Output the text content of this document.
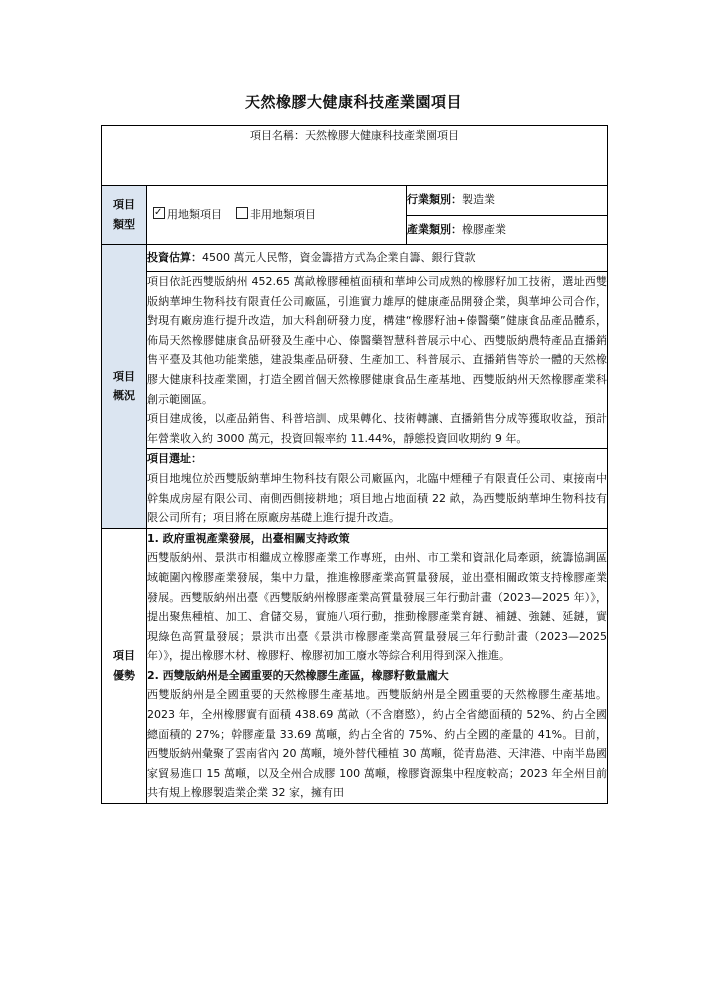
天然橡膠大健康科技產業園項目
項目名稱：天然橡膠大健康科技產業園項目		
項目類型	✓用地類項目 非用地類項目	行業類別：製造業
		產業類別：橡膠產業
項目概況	投資估算：4500 萬元人民幣，資金籌措方式為企業自籌、銀行貸款	

	項目依託西雙版納州 452.65 萬畝橡膠種植面積和華坤公司成熟的橡膠籽加工技術，選址西雙版納華坤生物科技有限責任公司廠區，引進實力雄厚的健康產品開發企業，與華坤公司合作，對現有廠房進行提升改造，加大科創研發力度，構建“橡膠籽油+傣醫藥”健康食品產品體系，佈局天然橡膠健康食品研發及生產中心、傣醫藥智慧科普展示中心、西雙版納農特產品直播銷售平臺及其他功能業態，建設集產品研發、生產加工、科普展示、直播銷售等於一體的天然橡膠大健康科技產業園，打造全國首個天然橡膠健康食品生產基地、西雙版納州天然橡膠產業科創示範園區。

項目建成後，以產品銷售、科普培訓、成果轉化、技術轉讓、直播銷售分成等獲取收益，預計年營業收入約 3000 萬元，投資回報率約 11.44%，靜態投資回收期約 9 年。	

	項目選址：

項目地塊位於西雙版納華坤生物科技有限公司廠區內，北臨中煙種子有限責任公司、東接南中幹集成房屋有限公司、南側西側接耕地；項目地占地面積 22 畝，為西雙版納華坤生物科技有限公司所有；項目將在原廠房基礎上進行提升改造。	

項目優勢	1. 政府重視產業發展，出臺相關支持政策

西雙版納州、景洪市相繼成立橡膠產業工作專班，由州、市工業和資訊化局牽頭，統籌協調區域範圍內橡膠產業發展，集中力量，推進橡膠產業高質量發展，並出臺相關政策支持橡膠產業發展。西雙版納州出臺《西雙版納州橡膠產業高質量發展三年行動計畫（2023—2025 年）》，提出聚焦種植、加工、倉儲交易，實施八項行動，推動橡膠產業育鏈、補鏈、強鏈、延鏈，實現綠色高質量發展；景洪市出臺《景洪市橡膠產業高質量發展三年行動計畫（2023—2025 年）》，提出橡膠木材、橡膠籽、橡膠初加工廢水等綜合利用得到深入推進。

2. 西雙版納州是全國重要的天然橡膠生產區，橡膠籽數量龐大

西雙版納州是全國重要的天然橡膠生產基地。西雙版納州是全國重要的天然橡膠生產基地。2023 年，全州橡膠實有面積 438.69 萬畝（不含磨愍），約占全省總面積的 52%、約占全國總面積的 27%；幹膠產量 33.69 萬噸，約占全省的 75%、約占全國的產量的 41%。目前，西雙版納州彙聚了雲南省內 20 萬噸，境外替代種植 30 萬噸，從青島港、天津港、中南半島國家貿易進口 15 萬噸，以及全州合成膠 100 萬噸，橡膠資源集中程度較高；2023 年全州目前共有規上橡膠製造業企業 32 家，擁有田	
